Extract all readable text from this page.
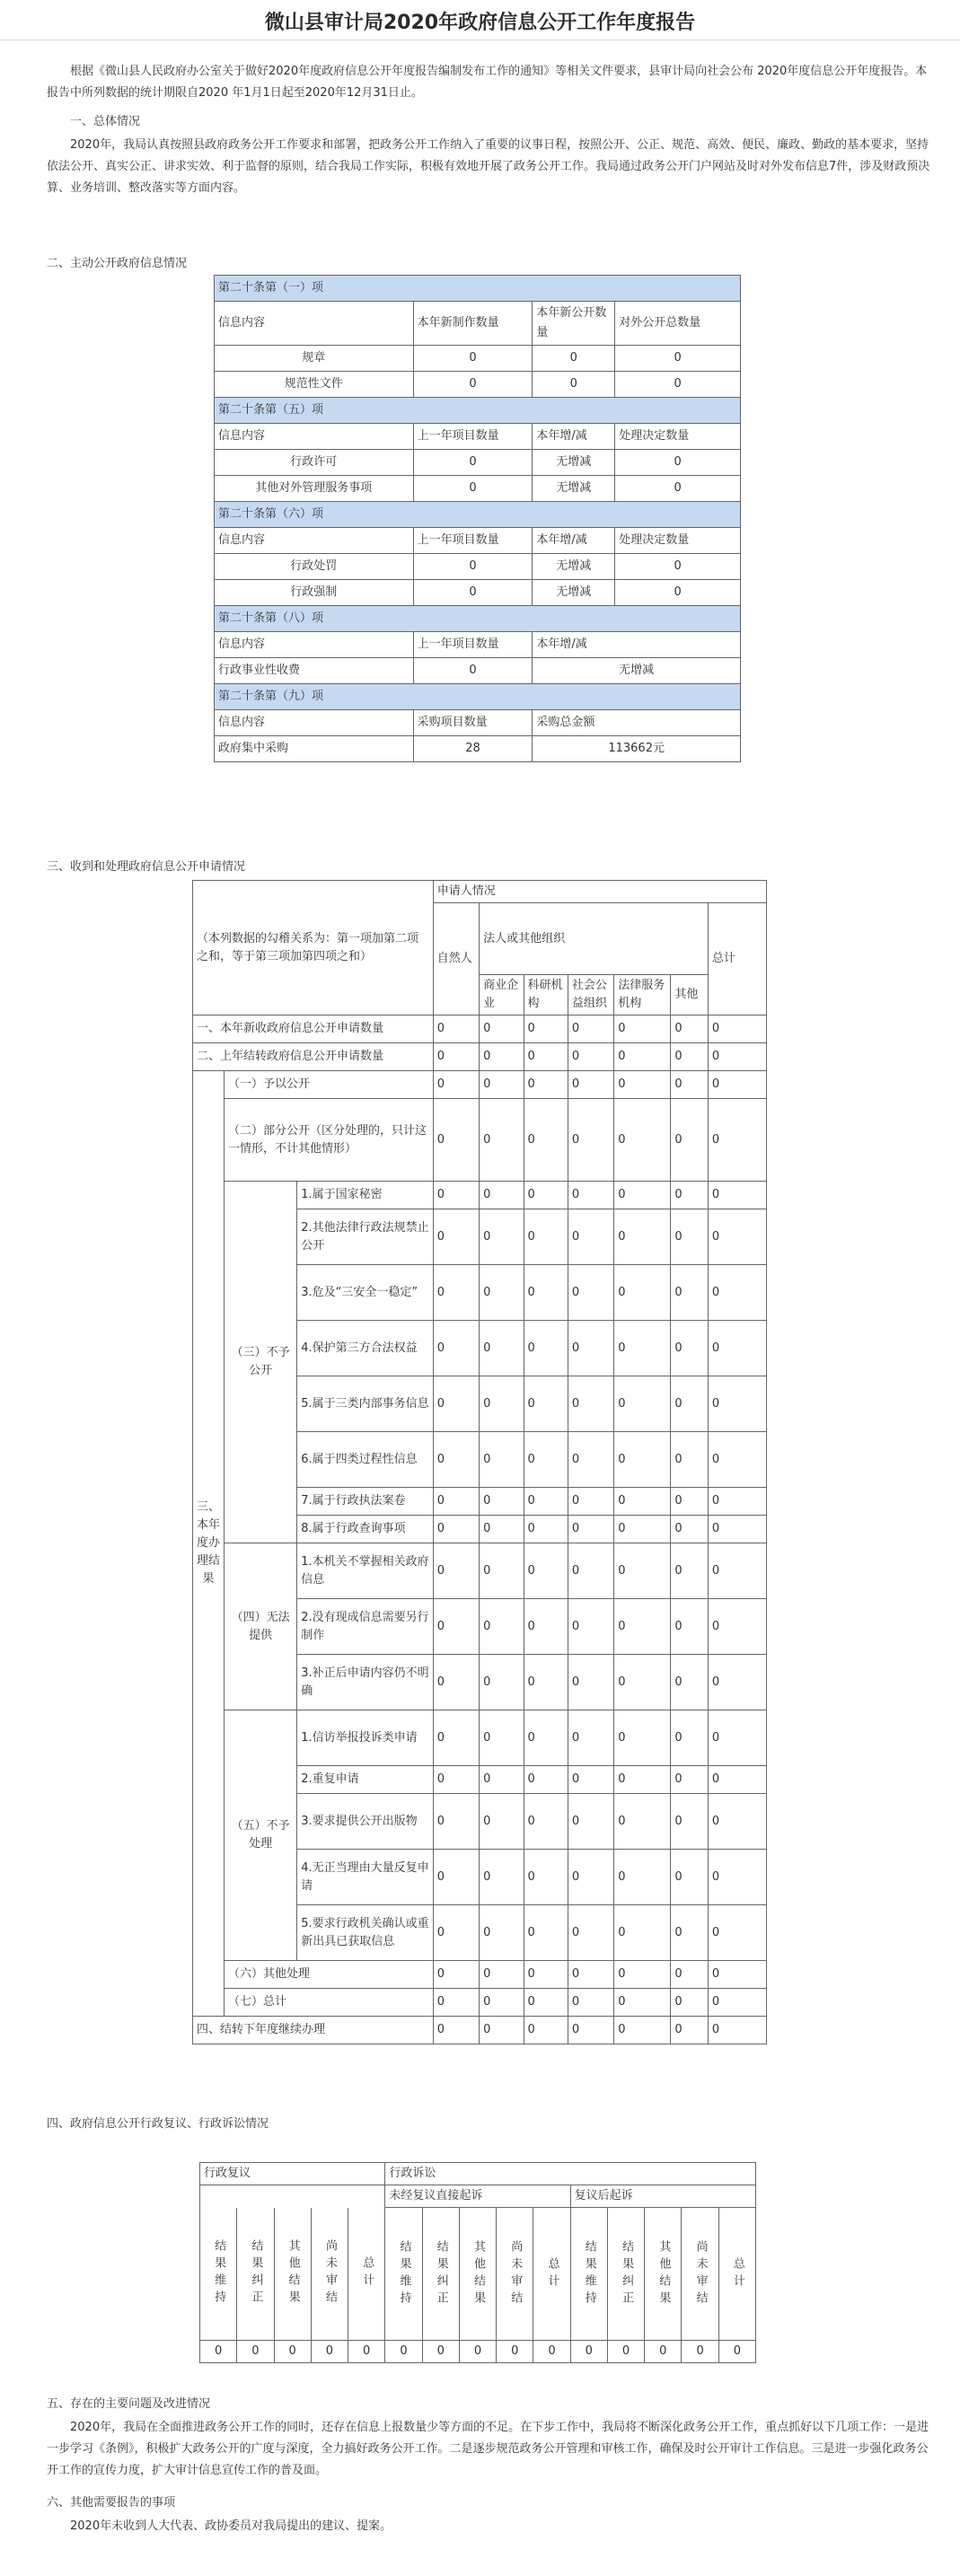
微山县审计局2020年政府信息公开工作年度报告

根据《微山县人民政府办公室关于做好2020年度政府信息公开年度报告编制发布工作的通知》等相关文件要求，县审计局向社会公布 2020年度信息公开年度报告。本报告中所列数据的统计期限自2020 年1月1日起至2020年12月31日止。

一、总体情况

2020年，我局认真按照县政府政务公开工作要求和部署，把政务公开工作纳入了重要的议事日程，按照公开、公正、规范、高效、便民、廉政、勤政的基本要求，坚持依法公开、真实公正、讲求实效、利于监督的原则，结合我局工作实际，积极有效地开展了政务公开工作。我局通过政务公开门户网站及时对外发布信息7件，涉及财政预决算、业务培训、整改落实等方面内容。

二、主动公开政府信息情况

第二十条第（一）项			
信息内容	本年新制作数量	本年新公开数量	对外公开总数量
规章	0	0	0
规范性文件	0	0	0
第二十条第（五）项			
信息内容	上一年项目数量	本年增/减	处理决定数量
行政许可	0	无增减	0
其他对外管理服务事项	0	无增减	0
第二十条第（六）项			
信息内容	上一年项目数量	本年增/减	处理决定数量
行政处罚	0	无增减	0
行政强制	0	无增减	0
第二十条第（八）项			
信息内容	上一年项目数量	本年增/减	
行政事业性收费	0	无增减	
第二十条第（九）项			
信息内容	采购项目数量	采购总金额	
政府集中采购	28	113662元	

三、收到和处理政府信息公开申请情况

（本列数据的勾稽关系为：第一项加第二项之和，等于第三项加第四项之和）			申请人情况						
			自然人	法人或其他组织					总计
				商业企业	科研机构	社会公益组织	法律服务机构	其他	
一、本年新收政府信息公开申请数量			0	0	0	0	0	0	0
二、上年结转政府信息公开申请数量			0	0	0	0	0	0	0
三、本年度办理结果	（一）予以公开		0	0	0	0	0	0	0
	（二）部分公开（区分处理的，只计这一情形，不计其他情形）		0	0	0	0	0	0	0
	（三）不予公开	1.属于国家秘密	0	0	0	0	0	0	0
		2.其他法律行政法规禁止公开	0	0	0	0	0	0	0
		3.危及“三安全一稳定”	0	0	0	0	0	0	0
		4.保护第三方合法权益	0	0	0	0	0	0	0
		5.属于三类内部事务信息	0	0	0	0	0	0	0
		6.属于四类过程性信息	0	0	0	0	0	0	0
		7.属于行政执法案卷	0	0	0	0	0	0	0
		8.属于行政查询事项	0	0	0	0	0	0	0
	（四）无法提供	1.本机关不掌握相关政府信息	0	0	0	0	0	0	0
		2.没有现成信息需要另行制作	0	0	0	0	0	0	0
		3.补正后申请内容仍不明确	0	0	0	0	0	0	0
	（五）不予处理	1.信访举报投诉类申请	0	0	0	0	0	0	0
		2.重复申请	0	0	0	0	0	0	0
		3.要求提供公开出版物	0	0	0	0	0	0	0
		4.无正当理由大量反复申请	0	0	0	0	0	0	0
		5.要求行政机关确认或重新出具已获取信息	0	0	0	0	0	0	0
	（六）其他处理		0	0	0	0	0	0	0
	（七）总计		0	0	0	0	0	0	0
四、结转下年度继续办理			0	0	0	0	0	0	0

四、政府信息公开行政复议、行政诉讼情况

行政复议					行政诉讼									
					未经复议直接起诉					复议后起诉				
结果维持	结果纠正	其他结果	尚未审结	总计	结果维持	结果纠正	其他结果	尚未审结	总计	结果维持	结果纠正	其他结果	尚未审结	总计
0	0	0	0	0	0	0	0	0	0	0	0	0	0	0

五、存在的主要问题及改进情况

2020年，我局在全面推进政务公开工作的同时，还存在信息上报数量少等方面的不足。在下步工作中，我局将不断深化政务公开工作，重点抓好以下几项工作：一是进一步学习《条例》，积极扩大政务公开的广度与深度，全力搞好政务公开工作。二是逐步规范政务公开管理和审核工作，确保及时公开审计工作信息。三是进一步强化政务公开工作的宣传力度，扩大审计信息宣传工作的普及面。

六、其他需要报告的事项

2020年未收到人大代表、政协委员对我局提出的建议、提案。
